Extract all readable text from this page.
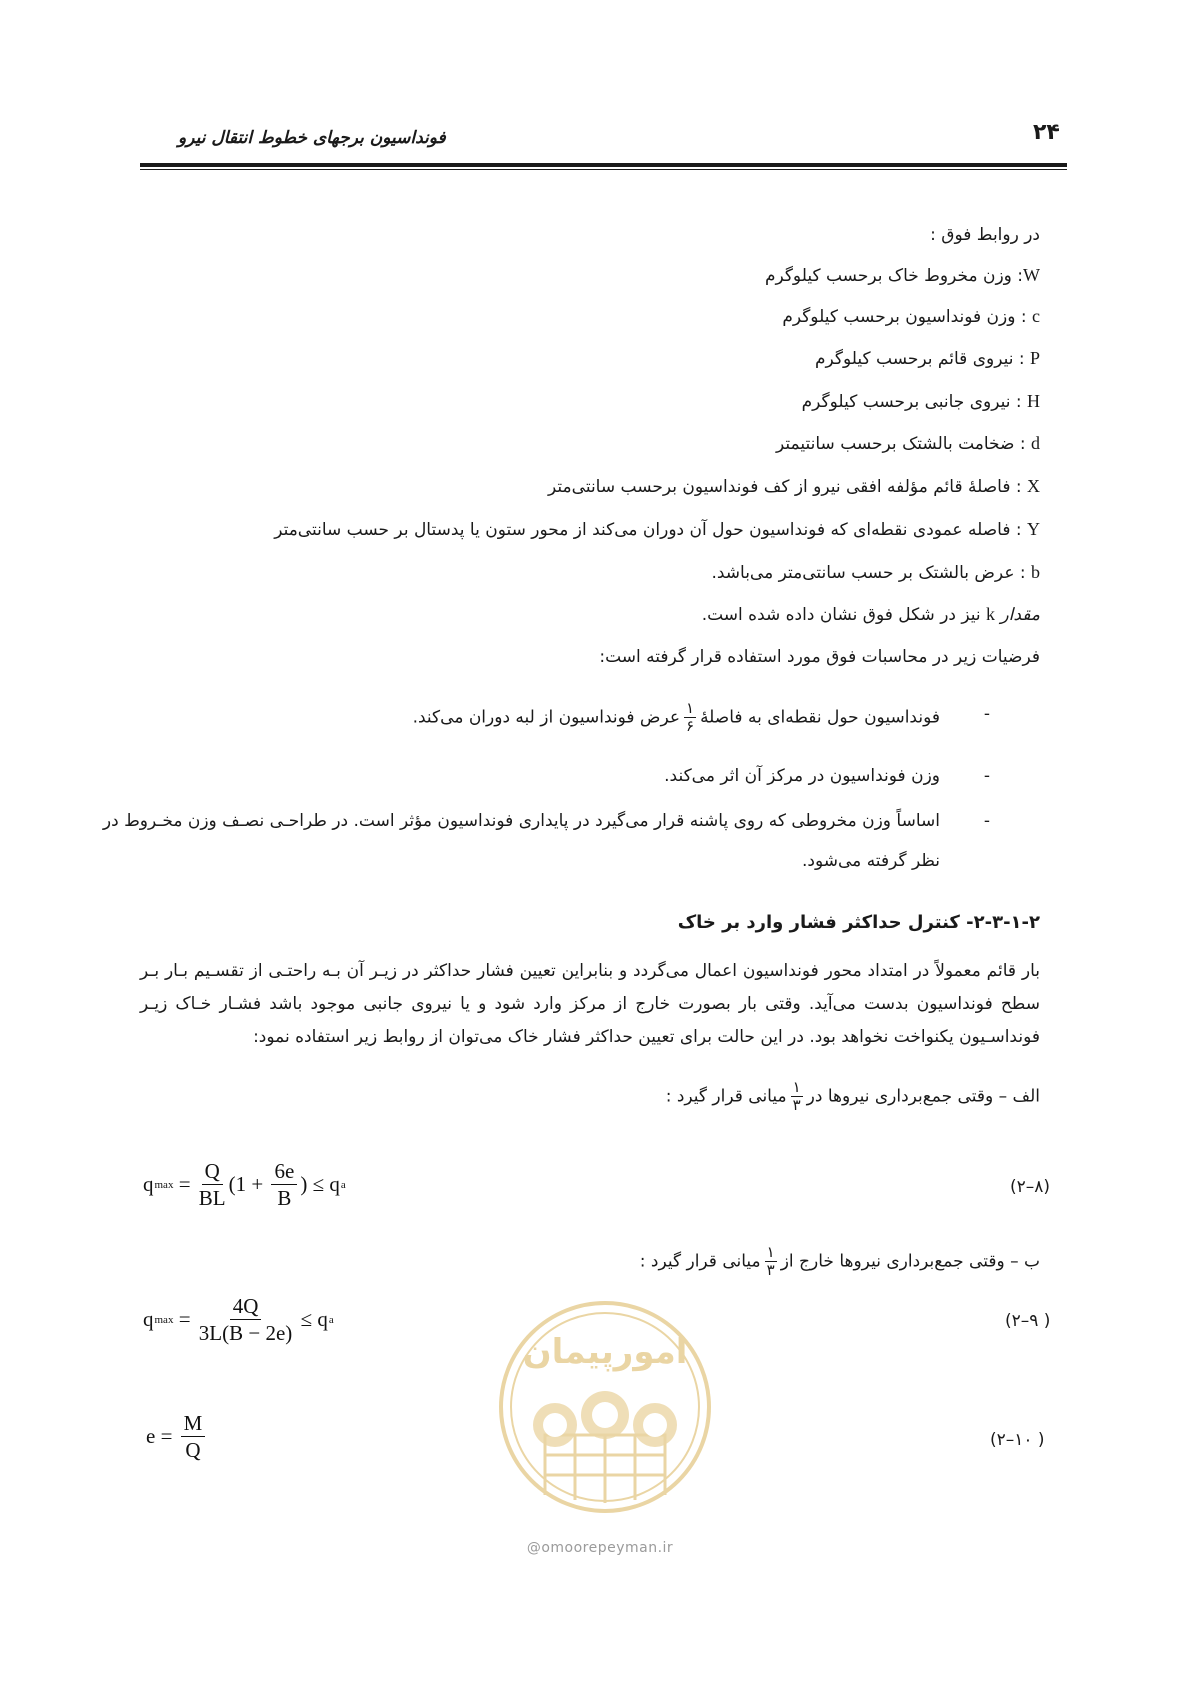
۲۴
فونداسیون برجهای خطوط انتقال نیرو
در روابط فوق :
W: وزن مخروط خاک برحسب کیلوگرم
c : وزن فونداسیون برحسب کیلوگرم
P : نیروی قائم برحسب کیلوگرم
H : نیروی جانبی برحسب کیلوگرم
d : ضخامت بالشتک برحسب سانتیمتر
X : فاصلهٔ قائم مؤلفه افقی نیرو از کف فونداسیون برحسب سانتی‌متر
Y : فاصله عمودی نقطه‌ای که فونداسیون حول آن دوران می‌کند از محور ستون یا پدستال بر حسب سانتی‌متر
b : عرض بالشتک بر حسب سانتی‌متر می‌باشد.
مقدار k نیز در شکل فوق نشان داده شده است.
فرضیات زیر در محاسبات فوق مورد استفاده قرار گرفته است:
-
فونداسیون حول نقطه‌ای به فاصلهٔ
$\frac{۱}{۶}$
عرض فونداسیون از لبه دوران می‌کند.
-
وزن فونداسیون در مرکز آن اثر می‌کند.
-
اساساً وزن مخروطی که روی پاشنه قرار می‌گیرد در پایداری فونداسیون مؤثر است. در طراحـی نصـف وزن مخـروط در
نظر گرفته می‌شود.
۲-۳-۱-۲- کنترل حداکثر فشار وارد بر خاک
بار قائم معمولاً در امتداد محور فونداسیون اعمال می‌گردد و بنابراین تعیین فشار حداکثر در زیـر آن بـه راحتـی از تقسـیم بـار بـر سطح فونداسیون بدست می‌آید. وقتی بار بصورت خارج از مرکز وارد شود و یا نیروی جانبی موجود باشد فشـار خـاک زیـر فونداسـیون یکنواخت نخواهد بود. در این حالت برای تعیین حداکثر فشار خاک می‌توان از روابط زیر استفاده نمود:
الف – وقتی جمع‌برداری نیروها در
$\frac{۱}{۳}$
میانی قرار گیرد :
q $\max = \frac{Q}{BL} (1 + \frac{6e}{B}$ ) ≤ q a	(۲–۸)
ب – وقتی جمع‌برداری نیروها خارج از
$\frac{۱}{۳}$
میانی قرار گیرد :
q $\max = \frac{4Q}{3L(B - 2e)} \le q$ a	(۲–۹ )
$e = \frac{M}{Q}$	(۲–۱۰ )
امورپیمان
@omoorepeyman.ir
